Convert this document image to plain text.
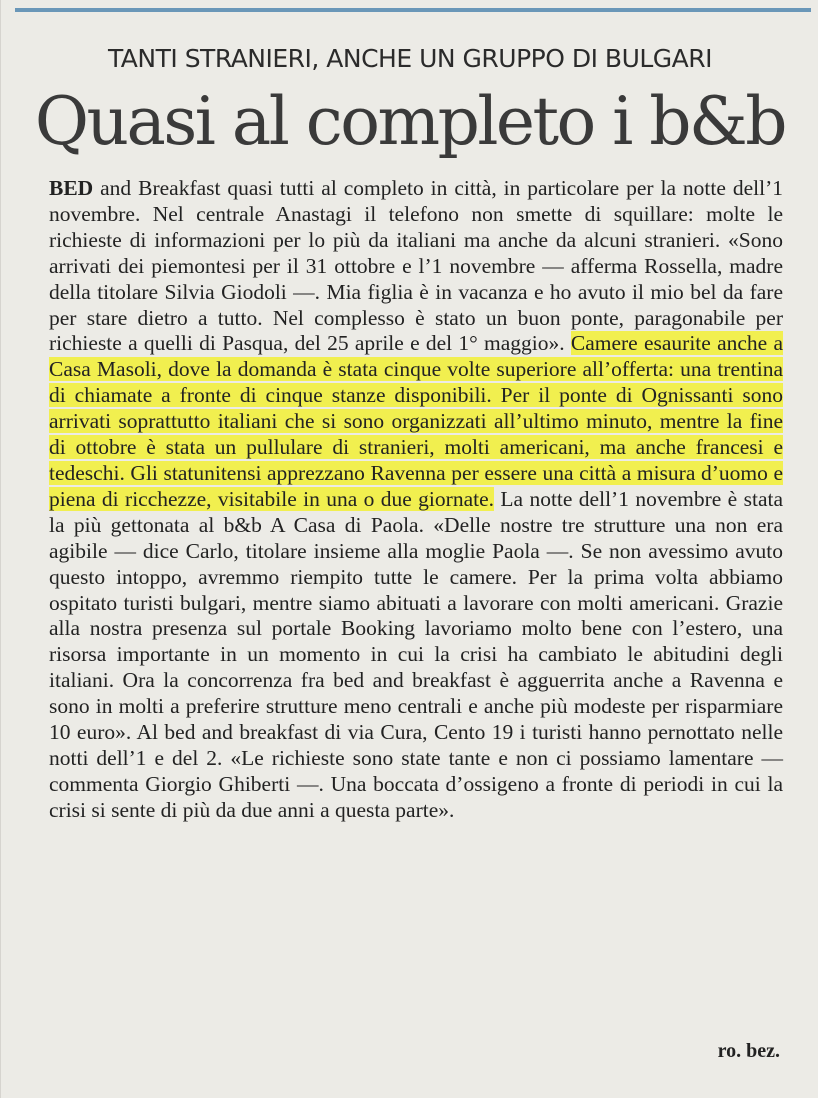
TANTI STRANIERI, ANCHE UN GRUPPO DI BULGARI
Quasi al completo i b&b

BED and Breakfast quasi tutti al completo in città, in particolare per la notte dell’1 novembre. Nel centrale Anastagi il telefono non smette di squillare: molte le richieste di informazioni per lo più da italiani ma anche da alcuni stranieri. «Sono arrivati dei piemontesi per il 31 ottobre e l’1 novembre — afferma Rossella, madre della titolare Silvia Giodoli —. Mia figlia è in vacanza e ho avuto il mio bel da fare per stare dietro a tutto. Nel complesso è stato un buon ponte, paragonabile per richieste a quelli di Pasqua, del 25 aprile e del 1° maggio». Camere esaurite anche a Casa Masoli, dove la domanda è stata cinque volte superiore all’offerta: una trentina di chiamate a fronte di cinque stanze disponibili. Per il ponte di Ognissanti sono arrivati soprattutto italiani che si sono organizzati all’ultimo minuto, mentre la fine di ottobre è stata un pullulare di stranieri, molti americani, ma anche francesi e tedeschi. Gli statunitensi apprezzano Ravenna per essere una città a misura d’uomo e piena di ricchezze, visitabile in una o due giornate. La notte dell’1 novembre è stata la più gettonata al b&b A Casa di Paola. «Delle nostre tre strutture una non era agibile — dice Carlo, titolare insieme alla moglie Paola —. Se non avessimo avuto questo intoppo, avremmo riempito tutte le camere. Per la prima volta abbiamo ospitato turisti bulgari, mentre siamo abituati a lavorare con molti americani. Grazie alla nostra presenza sul portale Booking lavoriamo molto bene con l’estero, una risorsa importante in un momento in cui la crisi ha cambiato le abitudini degli italiani. Ora la concorrenza fra bed and breakfast è agguerrita anche a Ravenna e sono in molti a preferire strutture meno centrali e anche più modeste per risparmiare 10 euro». Al bed and breakfast di via Cura, Cento 19 i turisti hanno pernottato nelle notti dell’1 e del 2. «Le richieste sono state tante e non ci possiamo lamentare — commenta Giorgio Ghiberti —. Una boccata d’ossigeno a fronte di periodi in cui la crisi si sente di più da due anni a questa parte».

ro. bez.
